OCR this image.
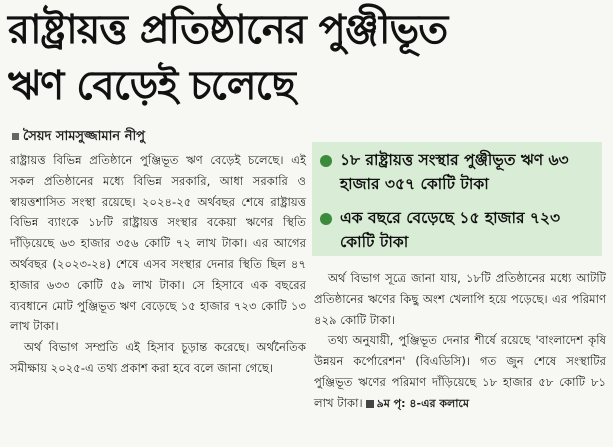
রাষ্ট্রায়ত্ত প্রতিষ্ঠানের পুঞ্জীভূত
ঋণ বেড়েই চলেছে
সৈয়দ সামসুজ্জামান নীপু

রাষ্ট্রায়ত্ত বিভিন্ন প্রতিষ্ঠানে পুঞ্জিভূত ঋণ বেড়েই চলেছে। এই সকল প্রতিষ্ঠানের মধ্যে বিভিন্ন সরকারি, আধা সরকারি ও স্বায়ত্তশাসিত সংস্থা রয়েছে। ২০২৪-২৫ অর্থবছর শেষে রাষ্ট্রায়ত্ত বিভিন্ন ব্যাংকে ১৮টি রাষ্ট্রায়ত্ত সংস্থার বকেয়া ঋণের স্থিতি দাঁড়িয়েছে ৬৩ হাজার ৩৫৬ কোটি ৭২ লাখ টাকা। এর আগের অর্থবছর (২০২৩-২৪) শেষে এসব সংস্থার দেনার স্থিতি ছিল ৪৭ হাজার ৬৩৩ কোটি ৫৯ লাখ টাকা। সে হিসাবে এক বছরের ব্যবধানে মোট পুঞ্জিভূত ঋণ বেড়েছে ১৫ হাজার ৭২৩ কোটি ১৩ লাখ টাকা।

অর্থ বিভাগ সম্প্রতি এই হিসাব চূড়ান্ত করেছে। অর্থনৈতিক সমীক্ষায় ২০২৫-এ তথ্য প্রকাশ করা হবে বলে জানা গেছে।

১৮ রাষ্ট্রায়ত্ত সংস্থার পুঞ্জীভূত ঋণ ৬৩ হাজার ৩৫৭ কোটি টাকা
এক বছরে বেড়েছে ১৫ হাজার ৭২৩ কোটি টাকা

অর্থ বিভাগ সূত্রে জানা যায়, ১৮টি প্রতিষ্ঠানের মধ্যে আটটি প্রতিষ্ঠানের ঋণের কিছু অংশ খেলাপি হয়ে পড়েছে। এর পরিমাণ ৪২৯ কোটি টাকা।

তথ্য অনুযায়ী, পুঞ্জিভূত দেনার শীর্ষে রয়েছে 'বাংলাদেশ কৃষি উন্নয়ন কর্পোরেশন' (বিএডিসি)। গত জুন শেষে সংস্থাটির পুঞ্জিভূত ঋণের পরিমাণ দাঁড়িয়েছে ১৮ হাজার ৫৮ কোটি ৮১ লাখ টাকা। ৯ম পৃ: ৪-এর কলামে
